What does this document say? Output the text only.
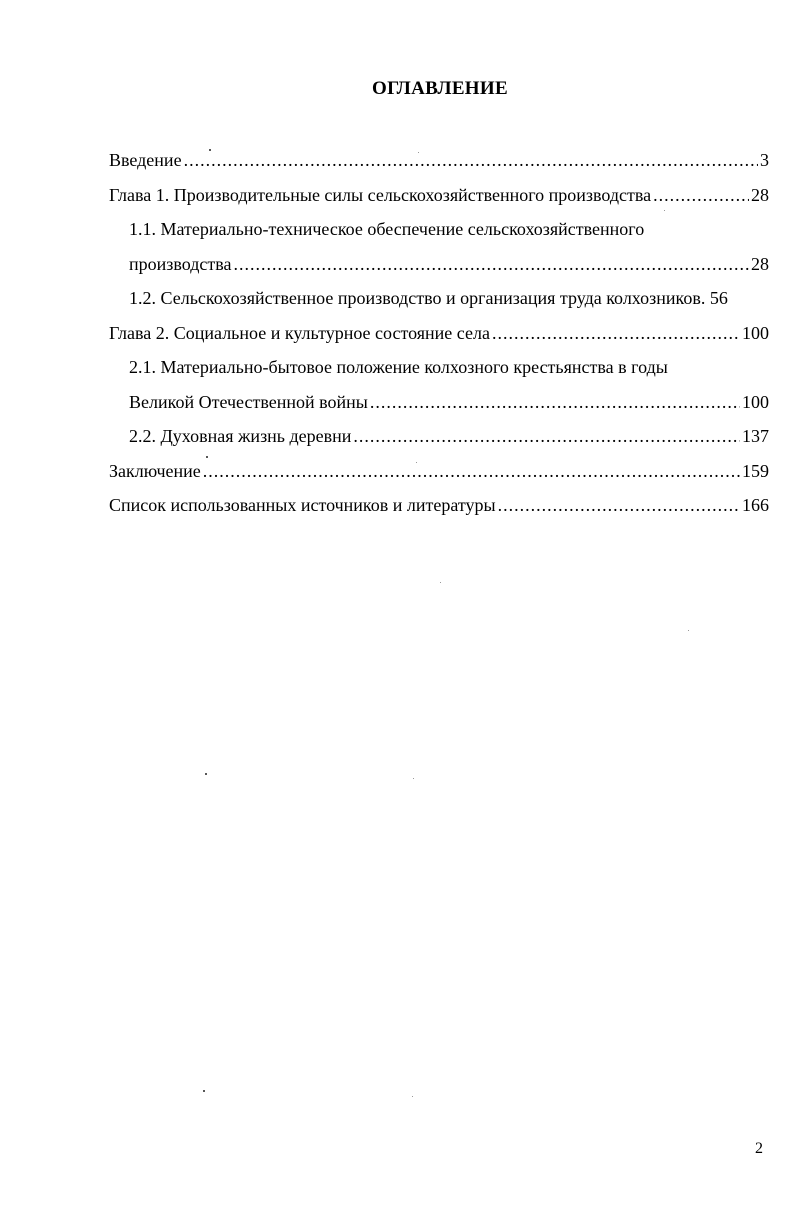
ОГЛАВЛЕНИЕ
Введение .....	3
Глава 1. Производительные силы сельскохозяйственного производства .....	28
1.1. Материально-техническое обеспечение сельскохозяйственного
производства .....	28
1.2. Сельскохозяйственное производство и организация труда колхозников. 56
Глава 2. Социальное и культурное состояние села .....	100
2.1. Материально-бытовое положение колхозного крестьянства в годы
Великой Отечественной войны .....	100
2.2. Духовная жизнь деревни .....	137
Заключение .....	159
Список использованных источников и литературы .....	166
2
